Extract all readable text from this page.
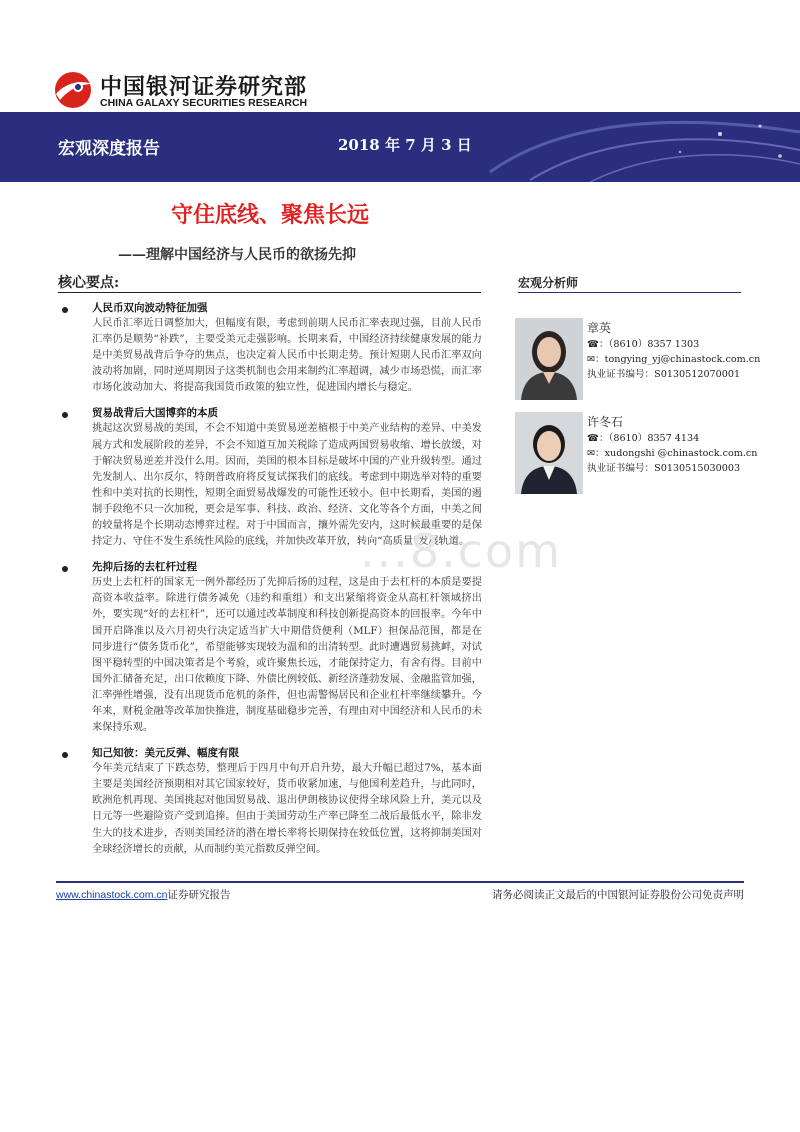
中国银河证券研究部
CHINA GALAXY SECURITIES RESEARCH
宏观深度报告	2018 年 7 月 3 日
守住底线、聚焦长远
——理解中国经济与人民币的欲扬先抑
核心要点:	宏观分析师
人民币双向波动特征加强
人民币汇率近日调整加大，但幅度有限，考虑到前期人民币汇率表现过强，目前人民币汇率仍是顺势“补跌”，主要受美元走强影响。长期来看，中国经济持续健康发展的能力是中美贸易战背后争夺的焦点，也决定着人民币中长期走势。预计短期人民币汇率双向波动将加剧，同时逆周期因子这类机制也会用来制约汇率超调，减少市场恐慌，而汇率市场化波动加大、将提高我国货币政策的独立性，促进国内增长与稳定。
贸易战背后大国博弈的本质
挑起这次贸易战的美国，不会不知道中美贸易逆差植根于中美产业结构的差异、中美发展方式和发展阶段的差异，不会不知道互加关税除了造成两国贸易收缩、增长放缓，对于解决贸易逆差并没什么用。因而，美国的根本目标是破坏中国的产业升级转型。通过先发制人、出尔反尔，特朗普政府将反复试探我们的底线。考虑到中期选举对特的重要性和中美对抗的长期性，短期全面贸易战爆发的可能性还较小。但中长期看，美国的遏制手段绝不只一次加税，更会是军事、科技、政治、经济、文化等各个方面，中美之间的较量将是个长期动态博弈过程。对于中国而言，攘外需先安内，这时候最重要的是保持定力、守住不发生系统性风险的底线，并加快改革开放，转向“高质量”发展轨道。
先抑后扬的去杠杆过程
历史上去杠杆的国家无一例外都经历了先抑后扬的过程，这是由于去杠杆的本质是要提高资本收益率。除进行债务减免（违约和重组）和支出紧缩将资金从高杠杆领域挤出外，要实现“好的去杠杆”，还可以通过改革制度和科技创新提高资本的回报率。今年中国开启降准以及六月初央行决定适当扩大中期借贷便利（MLF）担保品范围，都是在同步进行“债务货币化”，希望能够实现较为温和的出清转型。此时遭遇贸易挑衅，对试图平稳转型的中国决策者是个考验，或许聚焦长远，才能保持定力，有舍有得。目前中国外汇储备充足，出口依赖度下降、外债比例较低、新经济蓬勃发展、金融监管加强，汇率弹性增强，没有出现货币危机的条件，但也需警惕居民和企业杠杆率继续攀升。今年来，财税金融等改革加快推进，制度基础稳步完善，有理由对中国经济和人民币的未来保持乐观。
知己知彼：美元反弹、幅度有限
今年美元结束了下跌态势，整理后于四月中旬开启升势，最大升幅已超过7%，基本面主要是美国经济预期相对其它国家较好，货币收紧加速，与他国利差趋升，与此同时，欧洲危机再现、美国挑起对他国贸易战、退出伊朗核协议使得全球风险上升，美元以及日元等一些避险资产受到追捧。但由于美国劳动生产率已降至二战后最低水平，除非发生大的技术进步，否则美国经济的潜在增长率将长期保持在较低位置，这将抑制美国对全球经济增长的贡献，从而制约美元指数反弹空间。
章英
☎：（8610）8357 1303
✉：tongying_yj@chinastock.com.cn
执业证书编号：S0130512070001
许冬石
☎：（8610）8357 4134
✉：xudongshi @chinastock.com.cn
执业证书编号：S0130515030003
...8.com
www.chinastock.com.cn证券研究报告	请务必阅读正文最后的中国银河证券股份公司免责声明
